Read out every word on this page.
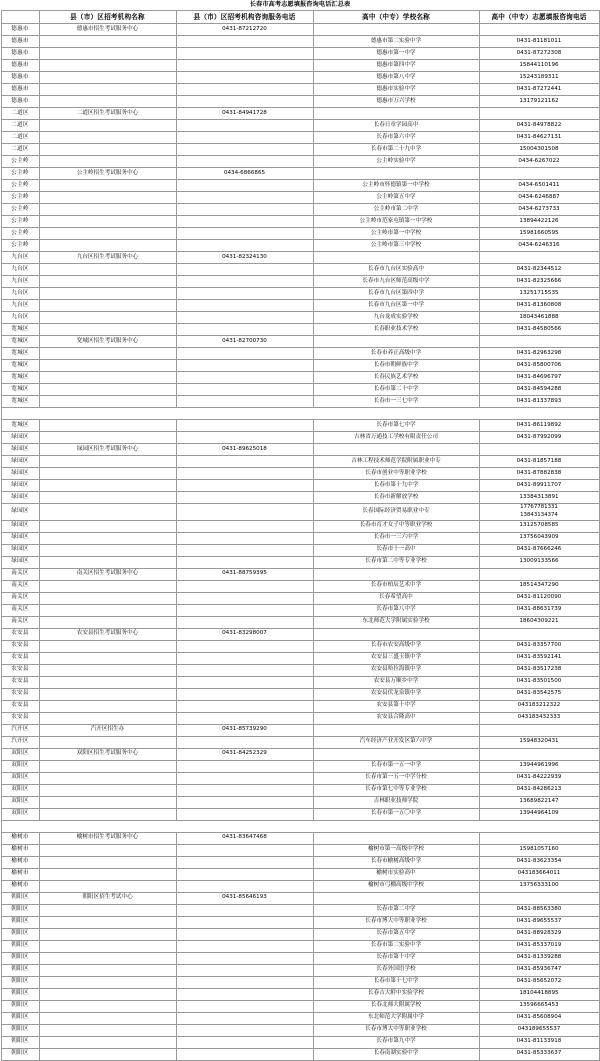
长春市高考志愿填报咨询电话汇总表
	县（市）区招考机构名称	县（市）区招考机构咨询服务电话	高中（中专）学校名称	高中（中专）志愿填报咨询电话
德惠市	德惠市招生考试服务中心	0431-87212720		
德惠市			德惠市第二实验中学	0431-81181011
德惠市			德惠市第一中学	0431-87272308
德惠市			德惠市第四中学	15844110196
德惠市			德惠市第八中学	15243189311
德惠市			德惠市实验中学	0431-87272441
德惠市			德惠市万兴学校	13179121162
二道区	二道区招生考试服务中心	0431-84941728		
二道区			长春日章学园高中	0431-84978822
二道区			长春市第六中学	0431-84627131
二道区			长春市第二十九中学	15004301508
公主岭			公主岭实验中学	0434-6267022
公主岭	公主岭招生考试服务中心	0434-6866865		
公主岭			公主岭市怀德镇第一中学校	0434-6501411
公主岭			公主岭第五中学	0434-6246887
公主岭			公主岭市第二中学	0434-6273733
公主岭			公主岭市范家屯镇第一中学校	13894422126
公主岭			公主岭市第一中学校	15981660595
公主岭			公主岭市第三中学校	0434-6246316
九台区	九台区招生考试服务中心	0431-82324130		
九台区			长春市九台区实验高中	0431-82344512
九台区			长春市九台区师范高级中学	0431-82325666
九台区			长春市九台区第四中学	13251715535
九台区			长春市九台区第一中学	0431-81360808
九台区			九台龙成实验学校	18043461888
宽城区			长春职业技术学校	0431-84580566
宽城区	宽城区招生考试服务中心	0431-82700730		
宽城区			长春市养正高级中学	0431-82963298
宽城区			长春市朝鲜族中学	0431-85800706
宽城区			长春民族艺术学校	0431-84696797
宽城区			长春市第二十中学	0431-84594288
宽城区			长春市一三七中学	0431-81337893

宽城区			长春市第七中学	0431-86119892
绿园区			吉林省万通技工学校有限责任公司	0431-87992099
绿园区	绿园区招生考试服务中心	0431-89625018		
绿园区			吉林工程技术师范学院附属职业中专	0431-81857188
绿园区			长春市创业中等职业学校	0431-87882838
绿园区			长春市第十九中学	0431-89911707
绿园区			长春市新解放学校	13384313891
绿园区			长春国际经济贸易职业中专	17767781331
13843134374

绿园区			长春市育才女子中等职业学校	13125708585
绿园区			长春市一三六中学	13756043909
绿园区			长春市十一高中	0431-87666246
绿园区			长春市第二中等专业学校	13009133566
南关区	南关区招生考试服务中心	0431-88759395		
南关区			长春市柏辰艺术中学	18514347290
南关区			长春希望高中	0431-81120090
南关区			长春市第八中学	0431-88631739
南关区			东北师范大学附属实验学校	18604309221
农安县	农安县招生考试服务中心	0431-83298007		
农安县			长春市农安高级中学	0431-83357700
农安县			农安县三盛玉镇中学	0431-83592141
农安县			农安县哈拉海镇中学	0431-83517238
农安县			农安县万顺乡中学	0431-83501500
农安县			农安县伏龙泉镇中学	0431-83542575
农安县			农安县第十中学	043183212322
农安县			农安县合隆高中	043183432333
汽开区	汽开区招生办	0431-85739290		
汽开区			汽车经济产业开发区第六中学	15948320431
双阳区	双阳区招生考试服务中心	0431-84252329		
双阳区			长春市第一五一中学	13944961996
双阳区			长春市第一五一中学分校	0431-84222939
双阳区			长春市第七中等专业学校	0431-84286213
双阳区			吉林职业技师学院	13689822147
双阳区			长春市第一五〇中学	13944964109

榆树市	榆树市招生考试服务中心	0431-83647468		
榆树市			榆树市第一高级中学校	15981057160
榆树市			长春市榆树高级中学	0431-83623354
榆树市			榆树市实验高中	043183664011
榆树市			榆树市弓棚高级中学校	13756333100
朝阳区	朝阳区招生考试中心	0431-85646193		
朝阳区			长春市第二中学	0431-88563380
朝阳区			长春市博大中等职业学校	0431-89655537
朝阳区			长春市第五中学	0431-88928329
朝阳区			长春市第二实验中学	0431-85337019
朝阳区			长春市第十中学	0431-81339288
朝阳区			长春外国语学校	0431-85936747
朝阳区			长春市第十七中学	0431-85652072
朝阳区			长春吉大附中实验学校	18104418895
朝阳区			长春北师大附属学校	13596665453
朝阳区			东北师范大学附属中学	0431-85608904
朝阳区			长春市博大中等职业学校	043189655537
朝阳区			长春市第九中学	0431-81133918
朝阳区			长春南湖实验中学	0431-85333637
